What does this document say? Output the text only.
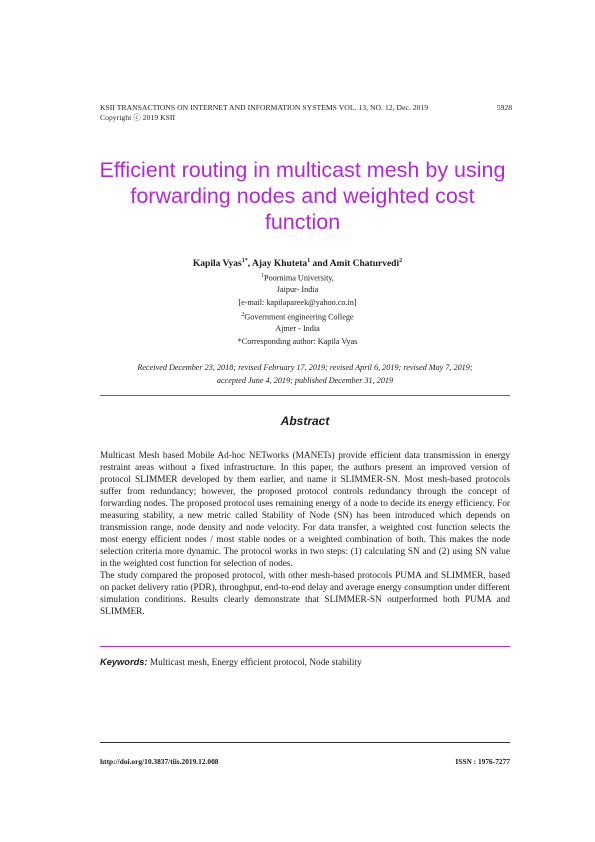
KSII TRANSACTIONS ON INTERNET AND INFORMATION SYSTEMS VOL. 13, NO. 12, Dec. 2019
Copyright ⓒ 2019 KSII
5928
Efficient routing in multicast mesh by using
forwarding nodes and weighted cost
function
Kapila Vyas$^{1*}$, Ajay Khuteta$^1$ and Amit Chaturvedi$^2$
$^1$Poornima University,
Jaipur- India
[e-mail: kapilapareek@yahoo.co.in]
$^2$Government engineering College
Ajmer - India
*Corresponding author: Kapila Vyas
Received December 23, 2018; revised February 17, 2019; revised April 6, 2019; revised May 7, 2019;
accepted June 4, 2019; published December 31, 2019
Abstract

Multicast Mesh based Mobile Ad-hoc NETworks (MANETs) provide efficient data transmission in energy restraint areas without a fixed infrastructure. In this paper, the authors present an improved version of protocol SLIMMER developed by them earlier, and name it SLIMMER-SN. Most mesh-based protocols suffer from redundancy; however, the proposed protocol controls redundancy through the concept of forwarding nodes. The proposed protocol uses remaining energy of a node to decide its energy efficiency. For measuring stability, a new metric called Stability of Node (SN) has been introduced which depends on transmission range, node density and node velocity. For data transfer, a weighted cost function selects the most energy efficient nodes / most stable nodes or a weighted combination of both. This makes the node selection criteria more dynamic. The protocol works in two steps: (1) calculating SN and (2) using SN value in the weighted cost function for selection of nodes.

The study compared the proposed protocol, with other mesh-based protocols PUMA and SLIMMER, based on packet delivery ratio (PDR), throughput, end-to-end delay and average energy consumption under different simulation conditions. Results clearly demonstrate that SLIMMER-SN outperformed both PUMA and SLIMMER.

Keywords: Multicast mesh, Energy efficient protocol, Node stability
http://doi.org/10.3837/tiis.2019.12.008	ISSN : 1976-7277
